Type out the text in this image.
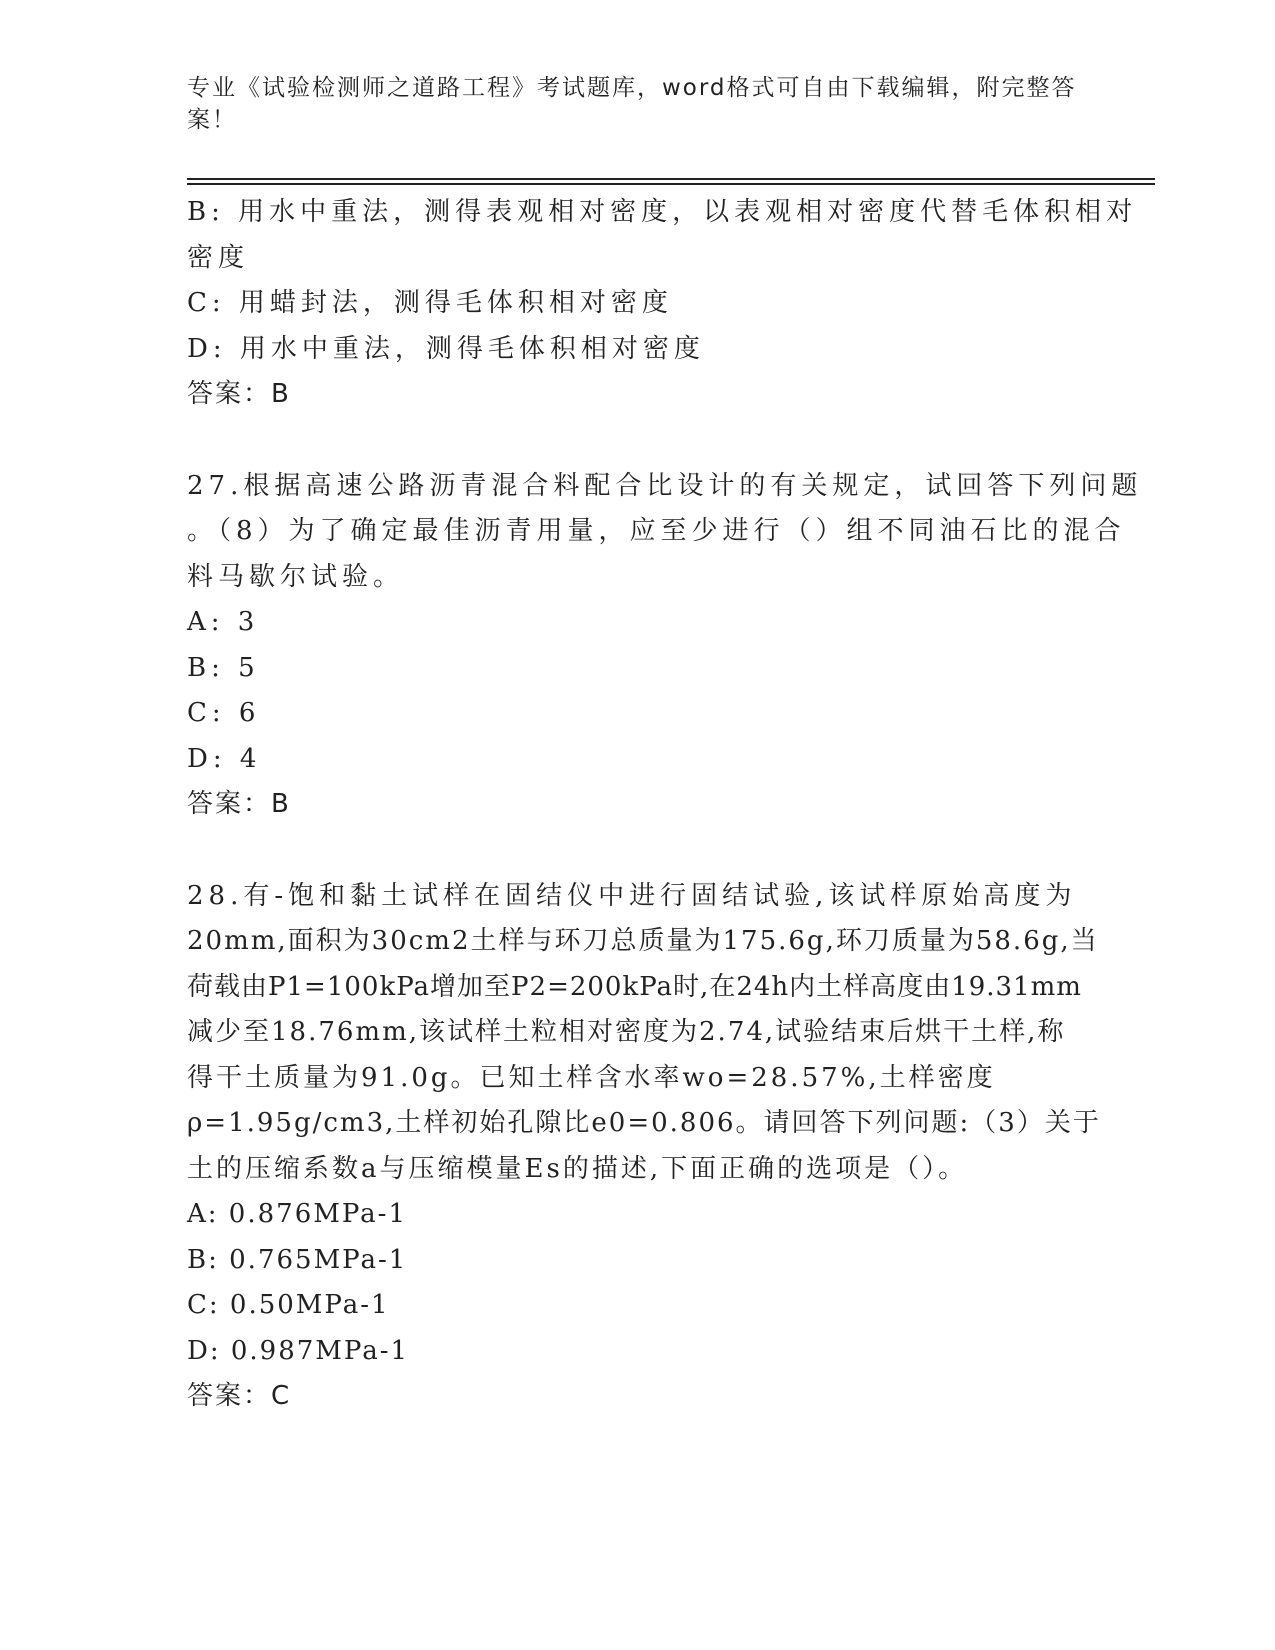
专业《试验检测师之道路工程》考试题库，word格式可自由下载编辑，附完整答
案！
B: 用水中重法，测得表观相对密度，以表观相对密度代替毛体积相对
密度
C: 用蜡封法，测得毛体积相对密度
D: 用水中重法，测得毛体积相对密度
答案：B
27.根据高速公路沥青混合料配合比设计的有关规定，试回答下列问题
。（8）为了确定最佳沥青用量，应至少进行（）组不同油石比的混合
料马歇尔试验。
A: 3
B: 5
C: 6
D: 4
答案：B
28.有-饱和黏土试样在固结仪中进行固结试验,该试样原始高度为
20mm,面积为30cm2土样与环刀总质量为175.6g,环刀质量为58.6g,当
荷载由P1=100kPa增加至P2=200kPa时,在24h内土样高度由19.31mm
减少至18.76mm,该试样土粒相对密度为2.74,试验结束后烘干土样,称
得干土质量为91.0g。已知土样含水率wo=28.57%,土样密度
ρ=1.95g/cm3,土样初始孔隙比e0=0.806。请回答下列问题:（3）关于
土的压缩系数a与压缩模量Es的描述,下面正确的选项是（）。
A: 0.876MPa-1
B: 0.765MPa-1
C: 0.50MPa-1
D: 0.987MPa-1
答案：C
